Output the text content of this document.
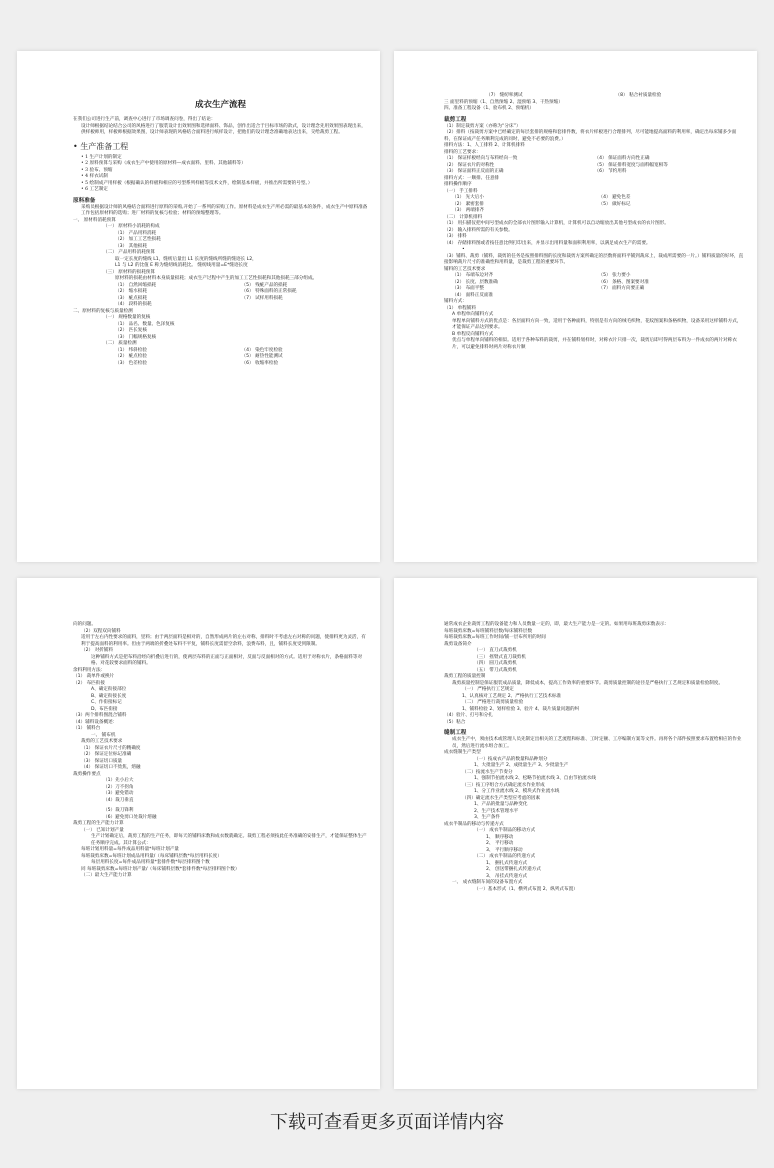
成衣生产流程
在我们公司进行生产前，调查中心进行了市场调查问卷，得出了结论：
设计师根据结论结合公司的风格进行了服装设计出效果图和选择面料、饰品，创作出适合于目标市场的款式，设计理念先用效果图表现出来，供样板师用，样板师根据效果图，设计师表现的风格结合面料进行纸样设计，把他们的设计理念准确地表达出来，交给裁剪工程。
• 生产准备工程
• 1 生产计划的制定
• 2 原料预算与采购（成衣生产中使用的原材料—成衣面料、里料、其他辅料等）
• 3 验布、预缩
• 4 样衣试制
• 5 绘制成产用样板（根据确认的样板和相应的号型系列样板等技术文件，绘制基本样板，并推出所需要的号型。）
• 6 工艺制定
原料准备
采购员根据设计师的风格结合面料进行原料的采购,开始了一系列的采购工作。原材料是成衣生产所必需的最基本的条件，成衣生产中原料准备工作包括原材料的选购；进厂材料的复核与检验；材料的预缩整理等。
一、 原材料消耗预算
（一） 原材料小消耗的构成
（1） 产品用料消耗
（2） 加工工艺性损耗
（3） 其他损耗
（二） 产品用料消耗预算
取一定长度的缝线 L1，缝纫后量出 L1 长度的缝线所缝的缝迹长 L2，
L1 与 L2 的比值 E 称为缝纫线消耗比。 缝纫线用量=E*缝迹长度
（三） 原材料的损耗预算
原材料的损耗由材料本身质量损耗；成衣生产过程中产生的加工工艺性损耗和其他损耗三部分组成。
（1） 自然回缩损耗	（5） 残疵产品的损耗
（2） 缩水损耗	（6） 特殊面料的正常损耗
（3） 疵点损耗	（7） 试样用料损耗
（4） 段料的损耗
二、原材料的复核与质量检测
（一） 规格数量的复核
（1） 品名、数量、色泽复核
（2） 匹长复核
（3） 门幅规格复核
（二） 质量检测
（1） 纬斜检验	（4） 染色牢度检验
（2） 疵点检验	（5） 耐热性能测试
（3） 色差检验	（6） 收缩率检验
（7） 缝纫率测试	（8） 粘合衬质量检验
三 面里料的预缩（1、自然预缩 2、湿预缩 3、干热预缩）
四、准备工程设备（1、验布机 2、预缩机）
裁剪工程
（1）制定裁剪方案（亦称为“分床”）
（2）排料（按裁剪方案中已经确定的每层套排的规格和套排件数，将衣片样板进行合理排列，尽可能地提高面料的利用率，确定出每床铺多少面料，在保证成产任务顺利完成的同时，避免不必要的浪费。）
排料方法：1、人工排料 2、计算机排料
排料的工艺要求：
（1） 保证样板经向与布料经向一致	（4） 保证面料方向性正确
（2） 保证衣片的对称性	（5） 保证排料宽度与面料幅宽相等
（3） 保证面料正反面的正确	（6） 节约用料
排料方式：一顺排、任意排
排料操作顺序
（一） 手工排料
（1） 先大后小	（4） 避免色差
（2） 紧密套排	（5） 做好标记
（3） 两端排齐
（二） 计算机排料
（1） 用扫描仪把中间号型成衣的全部衣片图形输入计算机，计算机可以自动缩放出其他号型成衣的衣片图形。
（2） 输入排料所需的有关参数。
（3） 排料
（4） 存储排料图或者按任意比例打印出来，并显示出用料量和面积利用率，以满足成衣生产的需要。
•
（3）铺料、裁剪（铺料，裁剪的任务是按照排料图的长度和裁剪方案所确定的层数将面料平铺到裁床上，裁成所需要的一片。）铺料质量的好坏，直接影响裁片尺寸的准确性和用料量，是裁剪工程的重要环节。
铺料的工艺技术要求
（1） 布端布边对齐	（5） 张力要小
（2） 长度、层数准确	（6） 条格、图案要对准
（3） 布面平整	（7） 面料方向要正确
（4） 面料正反面准
铺料方式：
（1） 单程铺料
A 单程单向铺料方式
单程单向铺料方式的优点是：各层面料方向一致，适用于各种面料，特别是有方向的绒毛织物，花纹图案和条格织物，设备采用这样铺料方式，才能保证产品达到要求。
B 单程反向铺料方式
优点与单程单向铺料的相似。适用于各种布料的裁剪，并在铺料划样时，对称衣片只排一次，裁剪后即可得两层布料为一件成衣的两片对称衣片，可以避免排料时两片对称衣片顺
向的问题。
（2）双程双向铺料
适用于左右内性要求的面料，里料；由于两层面料是相对的，自然形成两片的左右对称，排料时不考虑左右对称的问题，使排料更为灵活，有利于提高面料的利用率。但由于两端的折叠处布料不平复，铺料长度需留空余料，浪费布料，且，铺料长度受到限制。
（2） 对折铺料
这种铺料方式是把布料沿经向折叠后进行的，使两层布料的正面与正面相对，反面与反面相对的方式。适用于对称衣片，条格面料等对格、对花较要求面料的铺料。
余料利用方法：
（1） 裁单件或换片
（2） 布匹衔接
A、确定衔接部位
B、确定衔接长度
C、作衔接标记
D、布匹衔接
（3）两个排料图混合铺料
（4）辅料设备概述：
（1） 铺料台
一、 铺布机
裁剪的工艺技术要求
（1） 保证衣片尺寸的精确度
（2） 保证定位标记准确
（3） 保证切口质量
（4） 保证切口不烫焦，熔融
裁剪操作要点
（1）先小后大
（2）刀不拐角
（3）避免错动
（4）裁刀垂直
（5）裁刀锋利
（6）避免剪口处裁片熔融
裁剪工程的生产能力计算
（一） 已知计划产量
生产计划确定后，裁剪工程的生产任务，即每天的铺料床数和成衣数就确定。裁剪工程必须按此任务准确的安排生产，才能保证整体生产任务顺序完成。其计算公式：
每班计划用料量=每件成品用料量*每班计划产量
每班裁剪床数=每班计划成品用料量/（每床铺料层数*每层用料长度）
每层用料长度=每件成品用料量*套排件数*每层排料图个数
同 每班裁剪床数=每班计划产量/（每床铺料层数*套排件数*每层排料图个数）
（二）最大生产能力计算
通常成衣企业裁剪工程的设备能力和人员数量一定的，即，最大生产能力是一定的。如果用每班裁剪床数表示：
每班裁剪床数=每班铺料层数/每床铺料层数
每班裁剪床数=每班工作时间/铺一层布所用的时间
裁剪设备简介
（一） 直刀式裁剪机
（三） 摇臂式直刀裁剪机
（四） 圆刀式裁剪机
（五） 带刀式裁剪机
裁剪工程的质量控制
裁剪质量控制是保证服装成品质量，降低成本，提高工作效率的重要环节。裁剪质量控制的途径是严格执行工艺规定和质量检验制度。
（一） 严格执行工艺规定
1、认真核对工艺规定 2、严格执行工艺技术标准
（二） 严格进行裁剪质量检验
1、铺料检验 2、划样检验 3、验片 4、裁片质量问题的纠
（4）验片、打号和分扎
（5）粘合
缝制工程
成衣生产中，须由技术或管理人员先制定出相关的工艺流程和标准、工时定额、工序编制方案等文件。再将各个部件按照要求布置给相应的作业员，然后进行流水组合加工。
成衣缝制生产类型
（一）按成衣产品的数量和品种划分
1、大批量生产 2、成批量生产 3、少批量生产
（二）按流水生产节奏分
1、强制节拍流水线 2、松略节拍流水线 3、自由节拍流水线
（三）按工序组合方式确定流水作业形成
1、分工作业流水线 2、模块式作业流水线
（四）确定流水生产类型应考虑的因素
1、产品的批量与品种变化
2、生产技术管理水平
3、生产条件
成衣半制品的移动与传递方式
（一） 成衣半制品的移动方式
1、 顺序移动
2、 平行移动
3、 平行顺序移动
（二） 成衣半制品的传递方式
1、 捆扎式传递方式
2、 创送带捆扎式传递方式
3、 吊挂式传递方式
一、 成衣缝制车间的设备布置方式
（一）基本形式（1、横列式布置 2、纵列式布置）
下载可查看更多页面详情内容
